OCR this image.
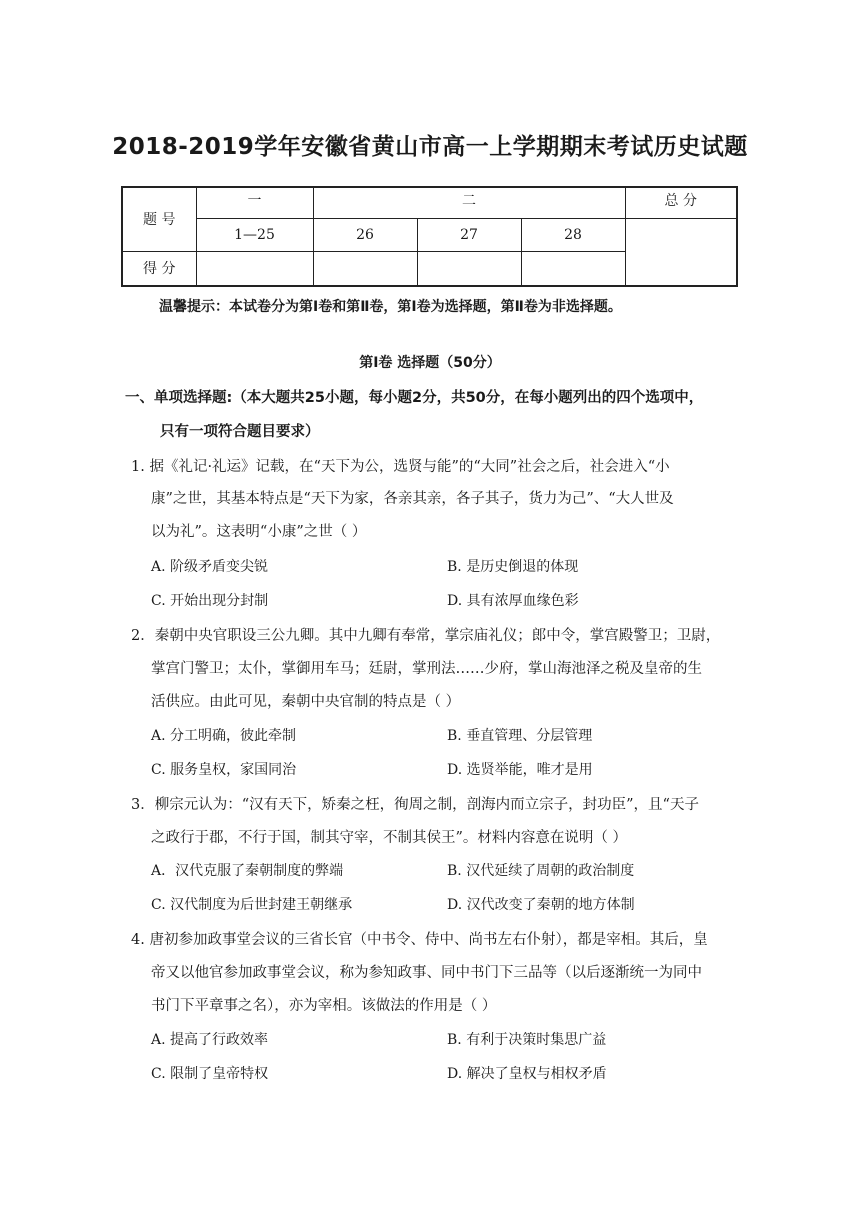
2018-2019学年安徽省黄山市高一上学期期末考试历史试题
题 号	一	二			总 分
	1—25	26	27	28	
得 分					
温馨提示：本试卷分为第Ⅰ卷和第Ⅱ卷，第Ⅰ卷为选择题，第Ⅱ卷为非选择题。
第Ⅰ卷 选择题（50分）
一、单项选择题:（本大题共25小题，每小题2分，共50分，在每小题列出的四个选项中，
只有一项符合题目要求）
1. 据《礼记·礼运》记载，在“天下为公，选贤与能”的“大同”社会之后，社会进入“小
康”之世，其基本特点是“天下为家，各亲其亲，各子其子，货力为己”、“大人世及
以为礼”。这表明“小康”之世（ ）
A. 阶级矛盾变尖锐	B. 是历史倒退的体现
C. 开始出现分封制	D. 具有浓厚血缘色彩
2．秦朝中央官职设三公九卿。其中九卿有奉常，掌宗庙礼仪；郎中令，掌宫殿警卫；卫尉，
掌宫门警卫；太仆，掌御用车马；廷尉，掌刑法……少府，掌山海池泽之税及皇帝的生
活供应。由此可见，秦朝中央官制的特点是（ ）
A. 分工明确，彼此牵制	B. 垂直管理、分层管理
C. 服务皇权，家国同治	D. 选贤举能，唯才是用
3．柳宗元认为：“汉有天下，矫秦之枉，徇周之制，剖海内而立宗子，封功臣”，且“天子
之政行于郡，不行于国，制其守宰，不制其侯王”。材料内容意在说明（ ）
A．汉代克服了秦朝制度的弊端	B. 汉代延续了周朝的政治制度
C. 汉代制度为后世封建王朝继承	D. 汉代改变了秦朝的地方体制
4. 唐初参加政事堂会议的三省长官（中书令、侍中、尚书左右仆射），都是宰相。其后，皇
帝又以他官参加政事堂会议，称为参知政事、同中书门下三品等（以后逐渐统一为同中
书门下平章事之名），亦为宰相。该做法的作用是（ ）
A. 提高了行政效率	B. 有利于决策时集思广益
C. 限制了皇帝特权	D. 解决了皇权与相权矛盾
